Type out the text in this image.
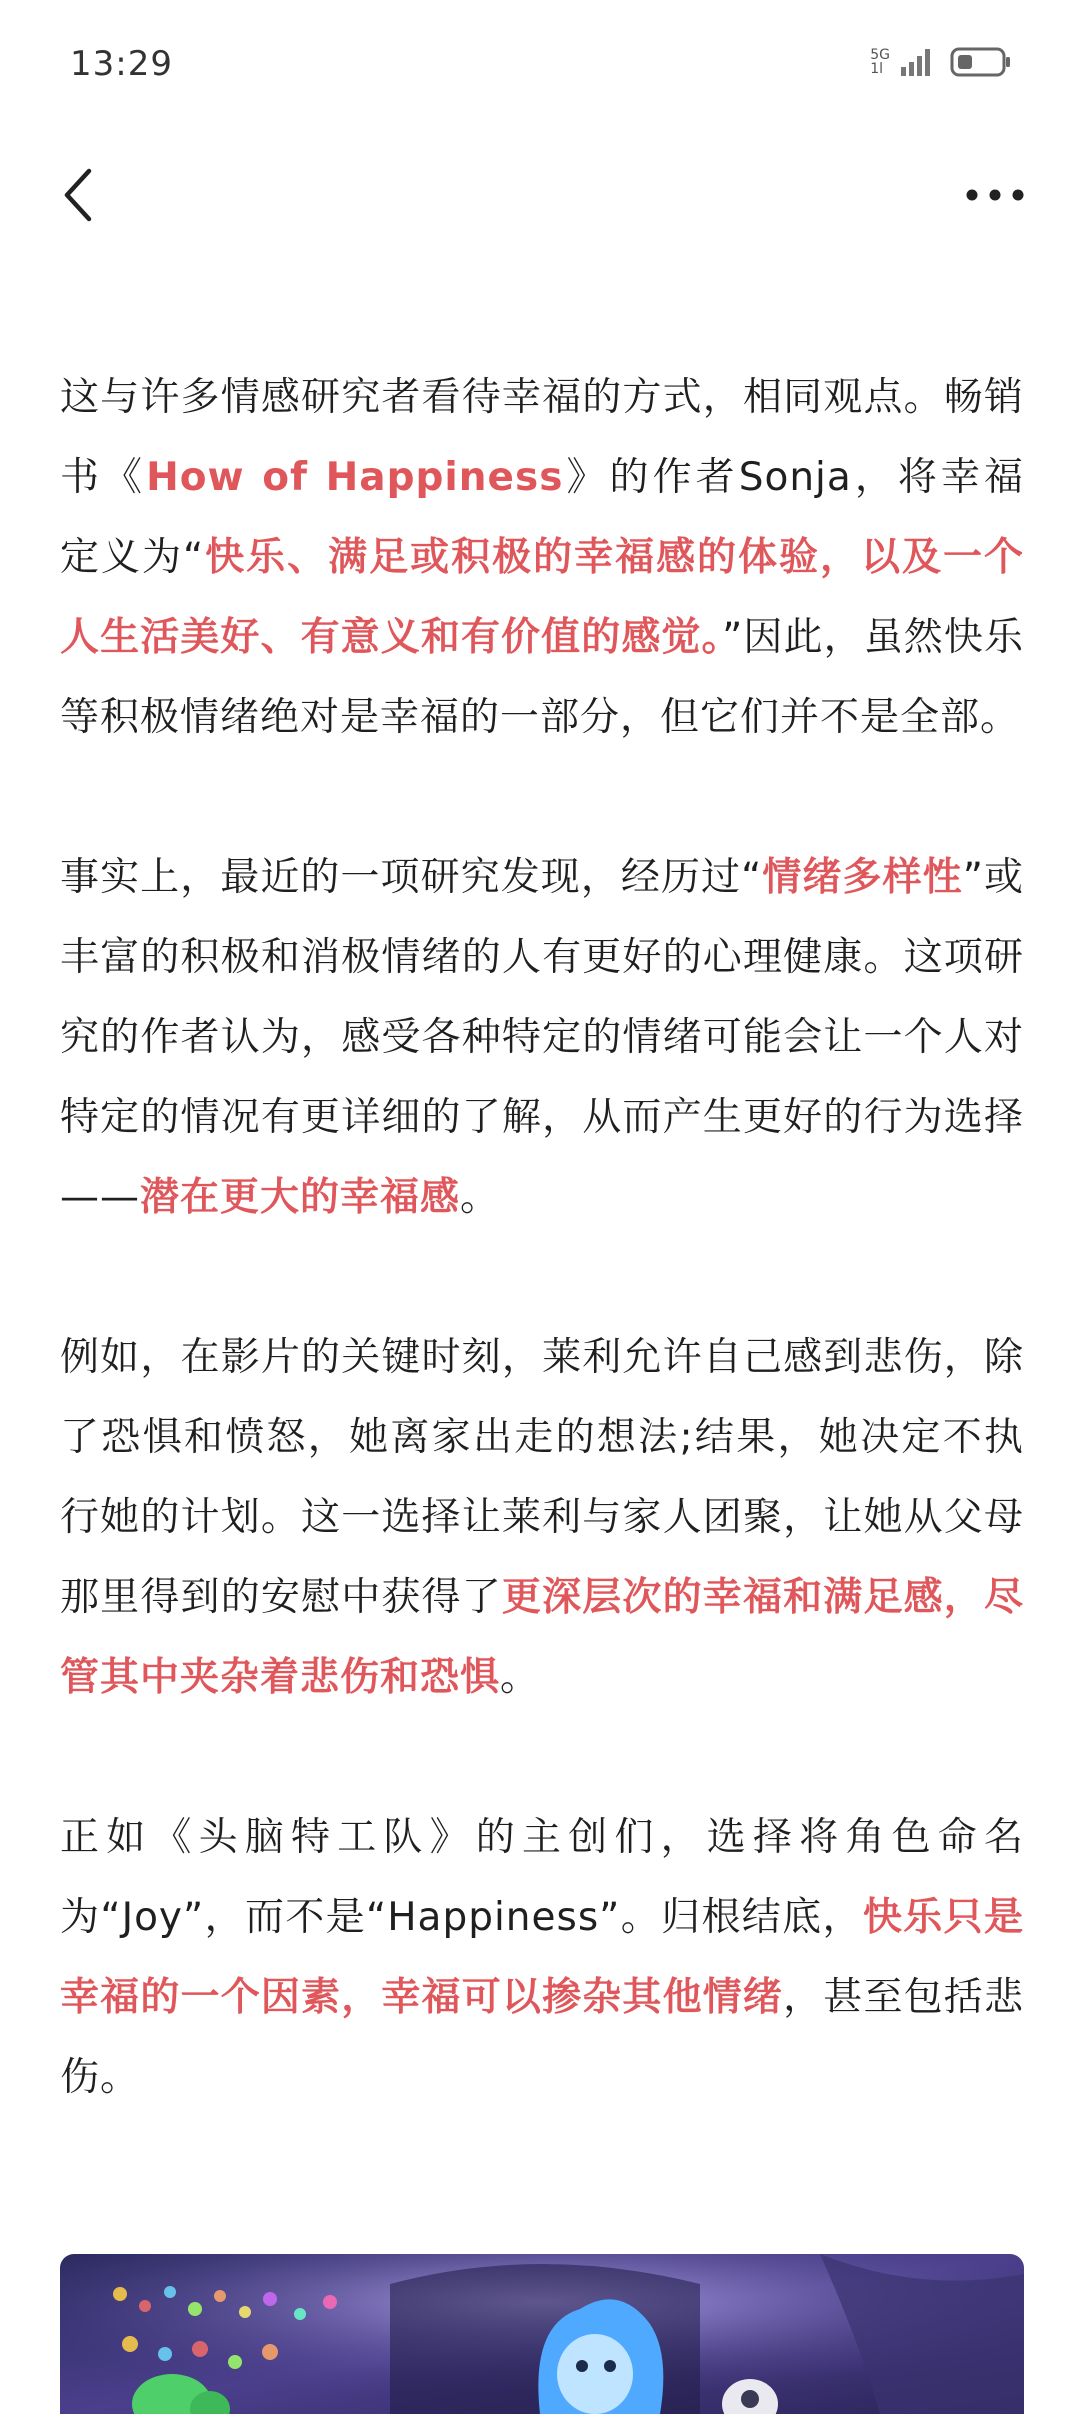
13:29	5G
1l

这与许多情感研究者看待幸福的方式，相同观点。畅销书《How of Happiness》的作者Sonja，将幸福定义为“快乐、满足或积极的幸福感的体验，以及一个人生活美好、有意义和有价值的感觉。”因此，虽然快乐等积极情绪绝对是幸福的一部分，但它们并不是全部。

事实上，最近的一项研究发现，经历过“情绪多样性”或丰富的积极和消极情绪的人有更好的心理健康。这项研究的作者认为，感受各种特定的情绪可能会让一个人对特定的情况有更详细的了解，从而产生更好的行为选择——潜在更大的幸福感。

例如，在影片的关键时刻，莱利允许自己感到悲伤，除了恐惧和愤怒，她离家出走的想法;结果，她决定不执行她的计划。这一选择让莱利与家人团聚，让她从父母那里得到的安慰中获得了更深层次的幸福和满足感，尽管其中夹杂着悲伤和恐惧。

正如《头脑特工队》的主创们，选择将角色命名为“Joy”，而不是“Happiness”。归根结底，快乐只是幸福的一个因素，幸福可以掺杂其他情绪，甚至包括悲伤。
